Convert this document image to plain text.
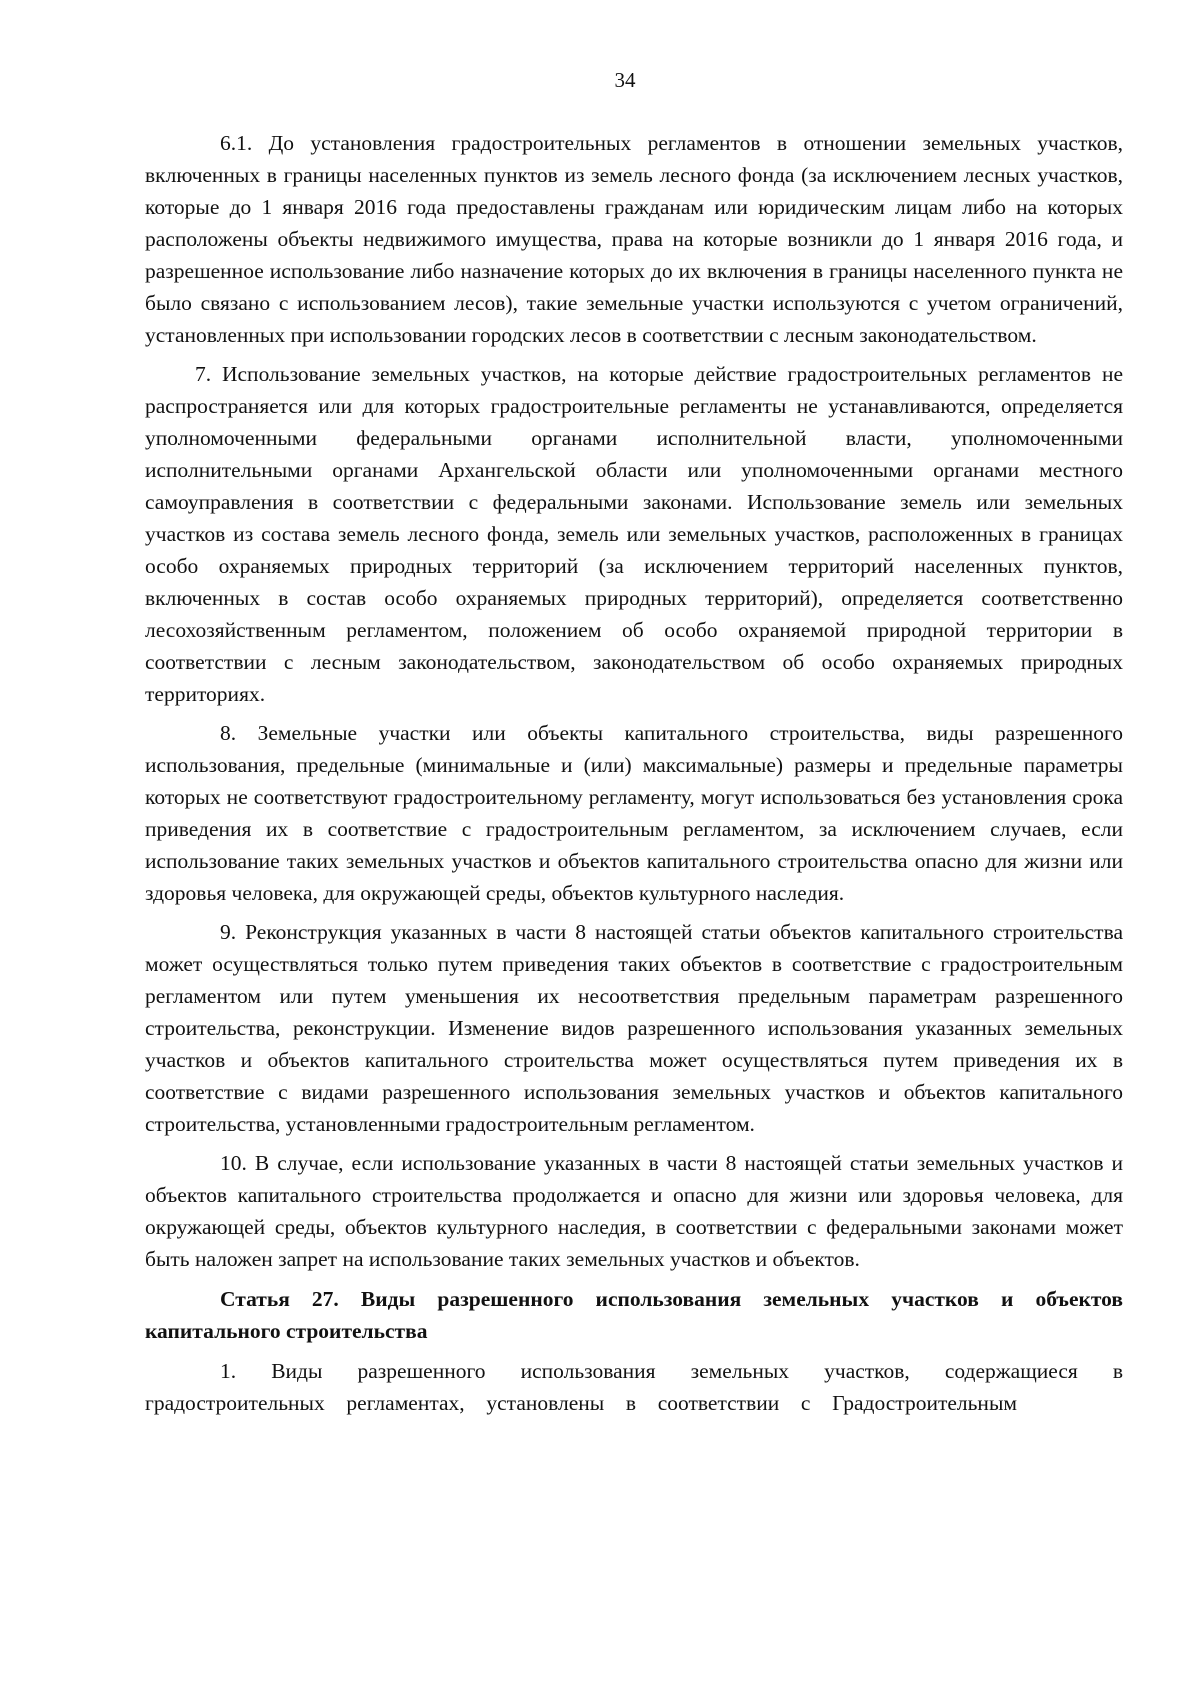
34

6.1. До установления градостроительных регламентов в отношении земельных участков, включенных в границы населенных пунктов из земель лесного фонда (за исключением лесных участков, которые до 1 января 2016 года предоставлены гражданам или юридическим лицам либо на которых расположены объекты недвижимого имущества, права на которые возникли до 1 января 2016 года, и разрешенное использование либо назначение которых до их включения в границы населенного пункта не было связано с использованием лесов), такие земельные участки используются с учетом ограничений, установленных при использовании городских лесов в соответствии с лесным законодательством.

7. Использование земельных участков, на которые действие градостроительных регламентов не распространяется или для которых градостроительные регламенты не устанавливаются, определяется уполномоченными федеральными органами исполнительной власти, уполномоченными исполнительными органами Архангельской области или уполномоченными органами местного самоуправления в соответствии с федеральными законами. Использование земель или земельных участков из состава земель лесного фонда, земель или земельных участков, расположенных в границах особо охраняемых природных территорий (за исключением территорий населенных пунктов, включенных в состав особо охраняемых природных территорий), определяется соответственно лесохозяйственным регламентом, положением об особо охраняемой природной территории в соответствии с лесным законодательством, законодательством об особо охраняемых природных территориях.

8. Земельные участки или объекты капитального строительства, виды разрешенного использования, предельные (минимальные и (или) максимальные) размеры и предельные параметры которых не соответствуют градостроительному регламенту, могут использоваться без установления срока приведения их в соответствие с градостроительным регламентом, за исключением случаев, если использование таких земельных участков и объектов капитального строительства опасно для жизни или здоровья человека, для окружающей среды, объектов культурного наследия.

9. Реконструкция указанных в части 8 настоящей статьи объектов капитального строительства может осуществляться только путем приведения таких объектов в соответствие с градостроительным регламентом или путем уменьшения их несоответствия предельным параметрам разрешенного строительства, реконструкции. Изменение видов разрешенного использования указанных земельных участков и объектов капитального строительства может осуществляться путем приведения их в соответствие с видами разрешенного использования земельных участков и объектов капитального строительства, установленными градостроительным регламентом.

10. В случае, если использование указанных в части 8 настоящей статьи земельных участков и объектов капитального строительства продолжается и опасно для жизни или здоровья человека, для окружающей среды, объектов культурного наследия, в соответствии с федеральными законами может быть наложен запрет на использование таких земельных участков и объектов.

Статья 27. Виды разрешенного использования земельных участков и объектов капитального строительства

1. Виды разрешенного использования земельных участков, содержащиеся в

градостроительных регламентах, установлены в соответствии с Градостроительным
